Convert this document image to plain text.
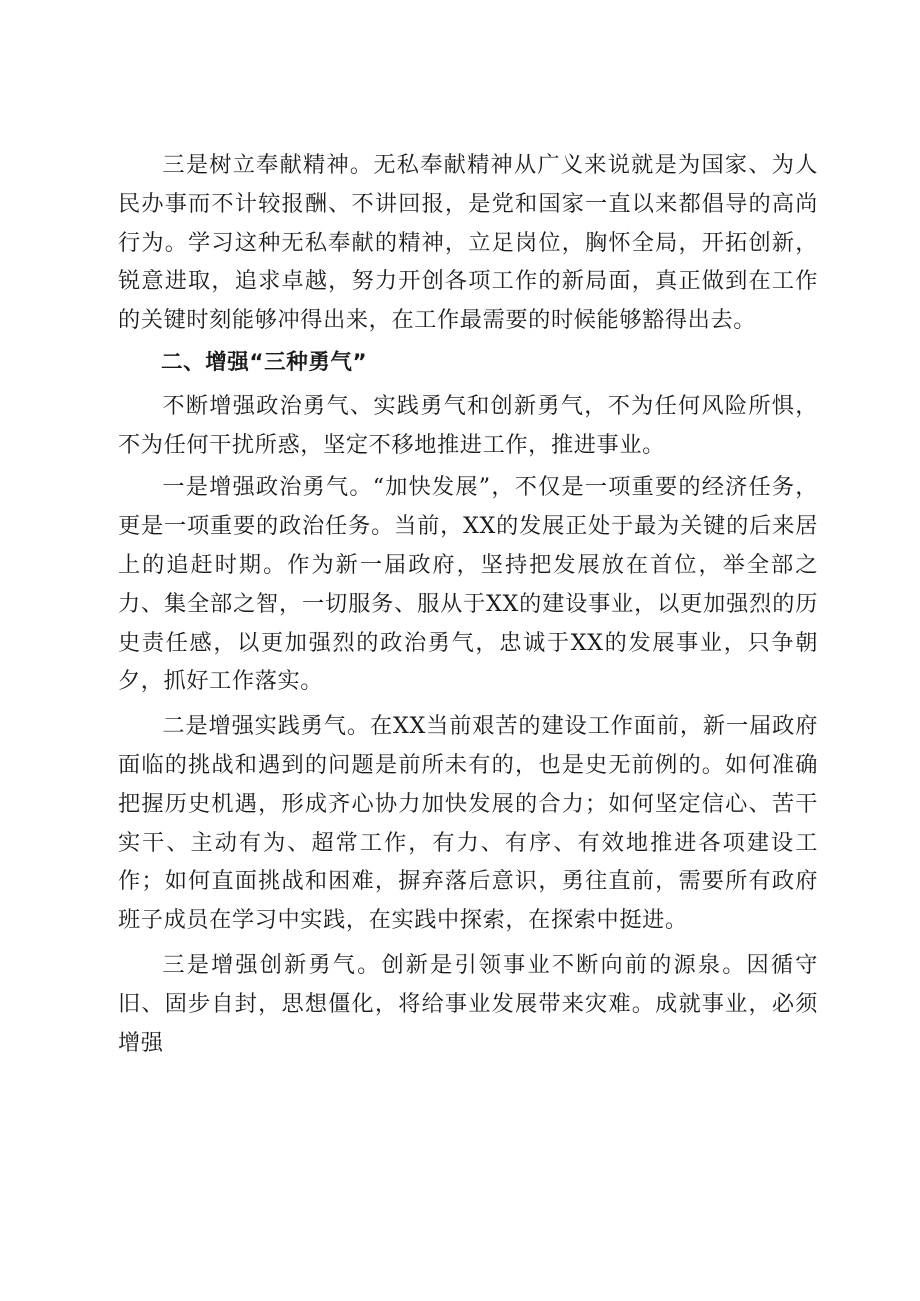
三是树立奉献精神。无私奉献精神从广义来说就是为国家、为人民办事而不计较报酬、不讲回报，是党和国家一直以来都倡导的高尚行为。学习这种无私奉献的精神，立足岗位，胸怀全局，开拓创新，锐意进取，追求卓越，努力开创各项工作的新局面，真正做到在工作的关键时刻能够冲得出来，在工作最需要的时候能够豁得出去。

二、增强“三种勇气”

不断增强政治勇气、实践勇气和创新勇气，不为任何风险所惧，不为任何干扰所惑，坚定不移地推进工作，推进事业。

一是增强政治勇气。“加快发展”，不仅是一项重要的经济任务，更是一项重要的政治任务。当前，XX的发展正处于最为关键的后来居上的追赶时期。作为新一届政府，坚持把发展放在首位，举全部之力、集全部之智，一切服务、服从于XX的建设事业，以更加强烈的历史责任感，以更加强烈的政治勇气，忠诚于XX的发展事业，只争朝夕，抓好工作落实。

二是增强实践勇气。在XX当前艰苦的建设工作面前，新一届政府面临的挑战和遇到的问题是前所未有的，也是史无前例的。如何准确把握历史机遇，形成齐心协力加快发展的合力；如何坚定信心、苦干实干、主动有为、超常工作，有力、有序、有效地推进各项建设工作；如何直面挑战和困难，摒弃落后意识，勇往直前，需要所有政府班子成员在学习中实践，在实践中探索，在探索中挺进。

三是增强创新勇气。创新是引领事业不断向前的源泉。因循守旧、固步自封，思想僵化，将给事业发展带来灾难。成就事业，必须增强
